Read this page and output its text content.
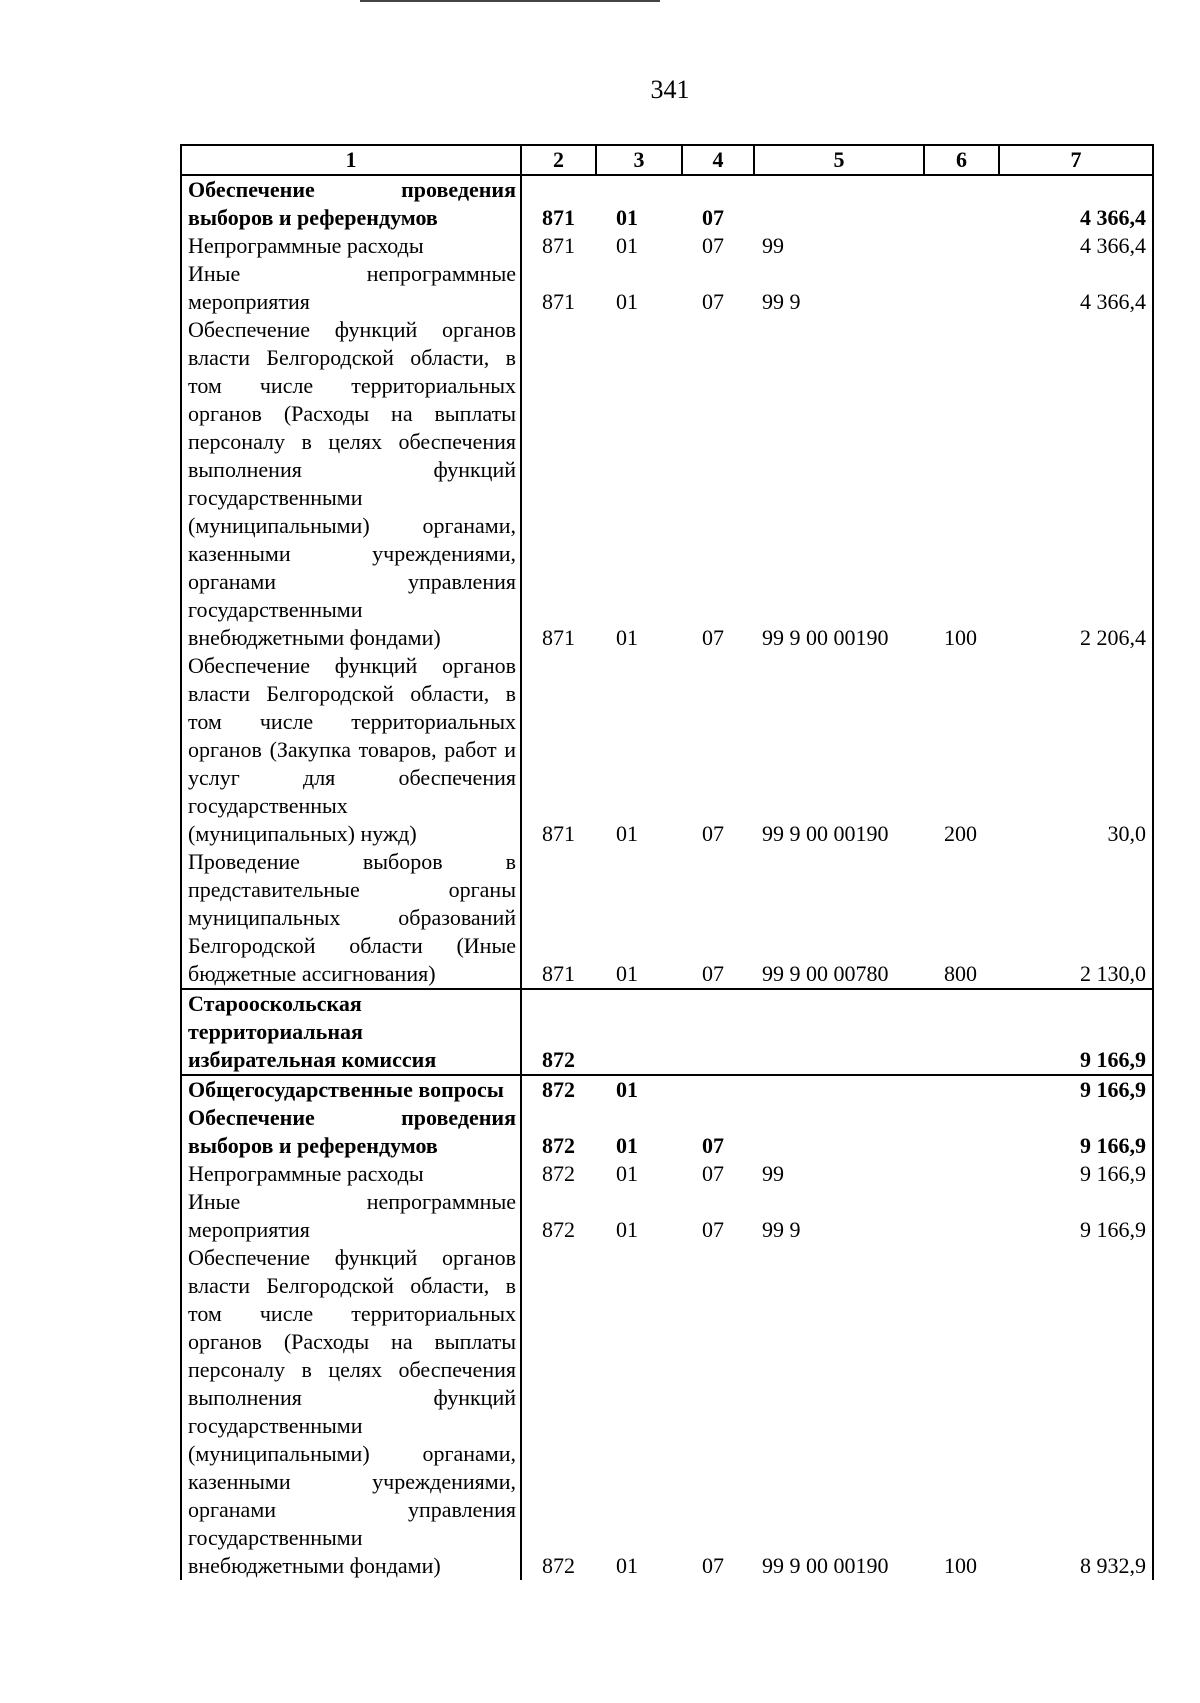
341
1	2	3	4	5	6	7
Обеспечение проведения выборов и референдумов	871	01	07			4 366,4
Непрограммные расходы	871	01	07	99		4 366,4
Иные непрограммные мероприятия	871	01	07	99 9		4 366,4
Обеспечение функций органов власти Белгородской области, в том числе территориальных органов (Расходы на выплаты персоналу в целях обеспечения выполнения функций государственными (муниципальными) органами, казенными учреждениями, органами управления государственными внебюджетными фондами)	871	01	07	99 9 00 00190	100	2 206,4
Обеспечение функций органов власти Белгородской области, в том числе территориальных органов (Закупка товаров, работ и услуг для обеспечения государственных (муниципальных) нужд)	871	01	07	99 9 00 00190	200	30,0
Проведение выборов в представительные органы муниципальных образований Белгородской области (Иные бюджетные ассигнования)	871	01	07	99 9 00 00780	800	2 130,0
Старооскольская территориальная избирательная комиссия	872					9 166,9
Общегосударственные вопросы	872	01				9 166,9
Обеспечение проведения выборов и референдумов	872	01	07			9 166,9
Непрограммные расходы	872	01	07	99		9 166,9
Иные непрограммные мероприятия	872	01	07	99 9		9 166,9
Обеспечение функций органов власти Белгородской области, в том числе территориальных органов (Расходы на выплаты персоналу в целях обеспечения выполнения функций государственными (муниципальными) органами, казенными учреждениями, органами управления государственными внебюджетными фондами)	872	01	07	99 9 00 00190	100	8 932,9
